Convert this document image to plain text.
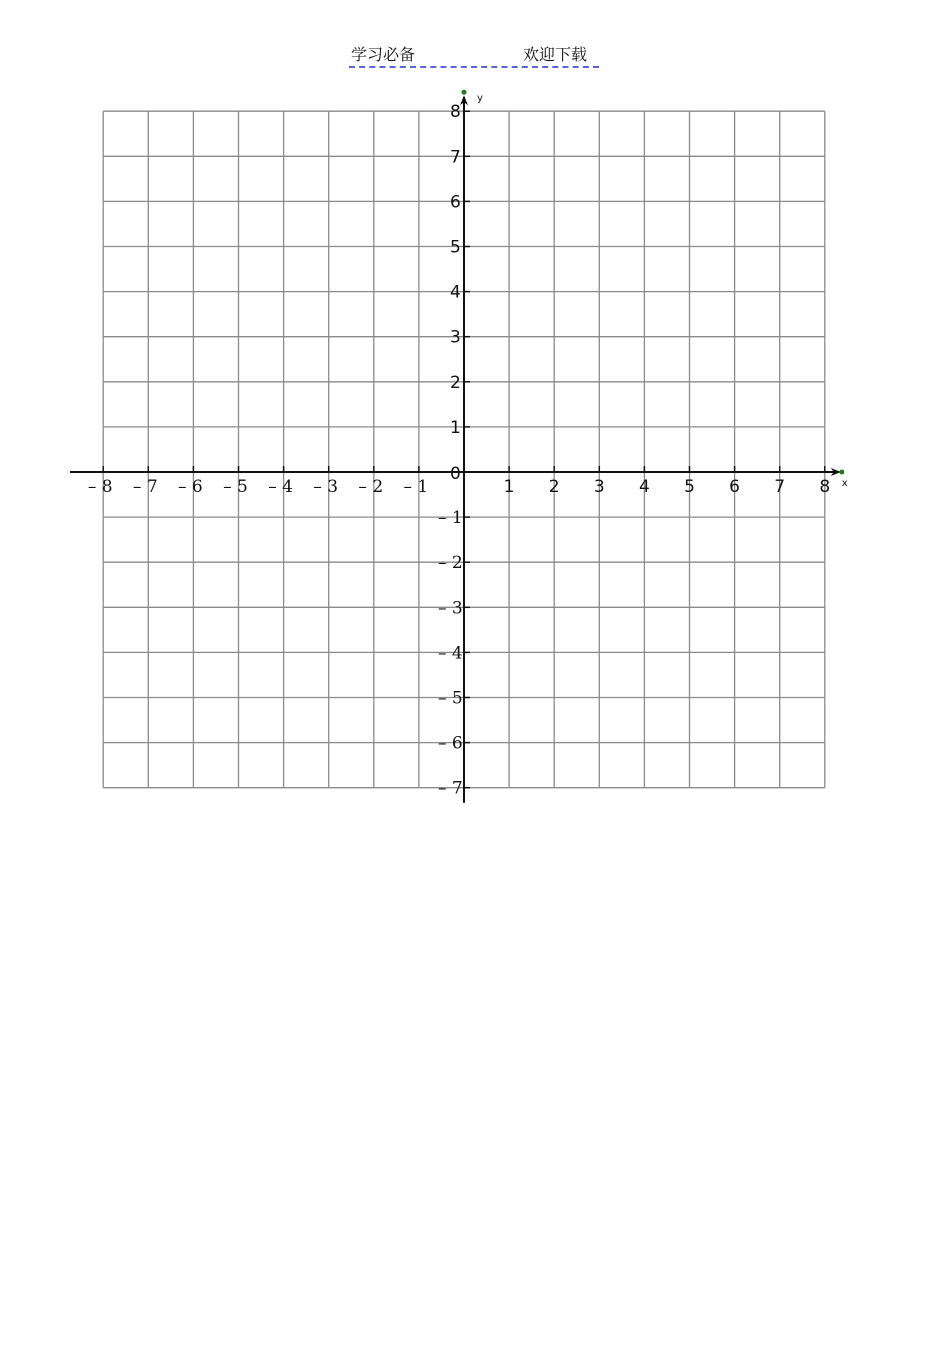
学习必备	欢迎下载
– 8 – 7 – 6 – 5 – 4 – 3 – 2 – 1	1 2 3 4 5 6 7 8
8
7
6
5
4
3
2
1
– 1
– 2
– 3
– 4
– 5
– 6
– 7
0	x
y
